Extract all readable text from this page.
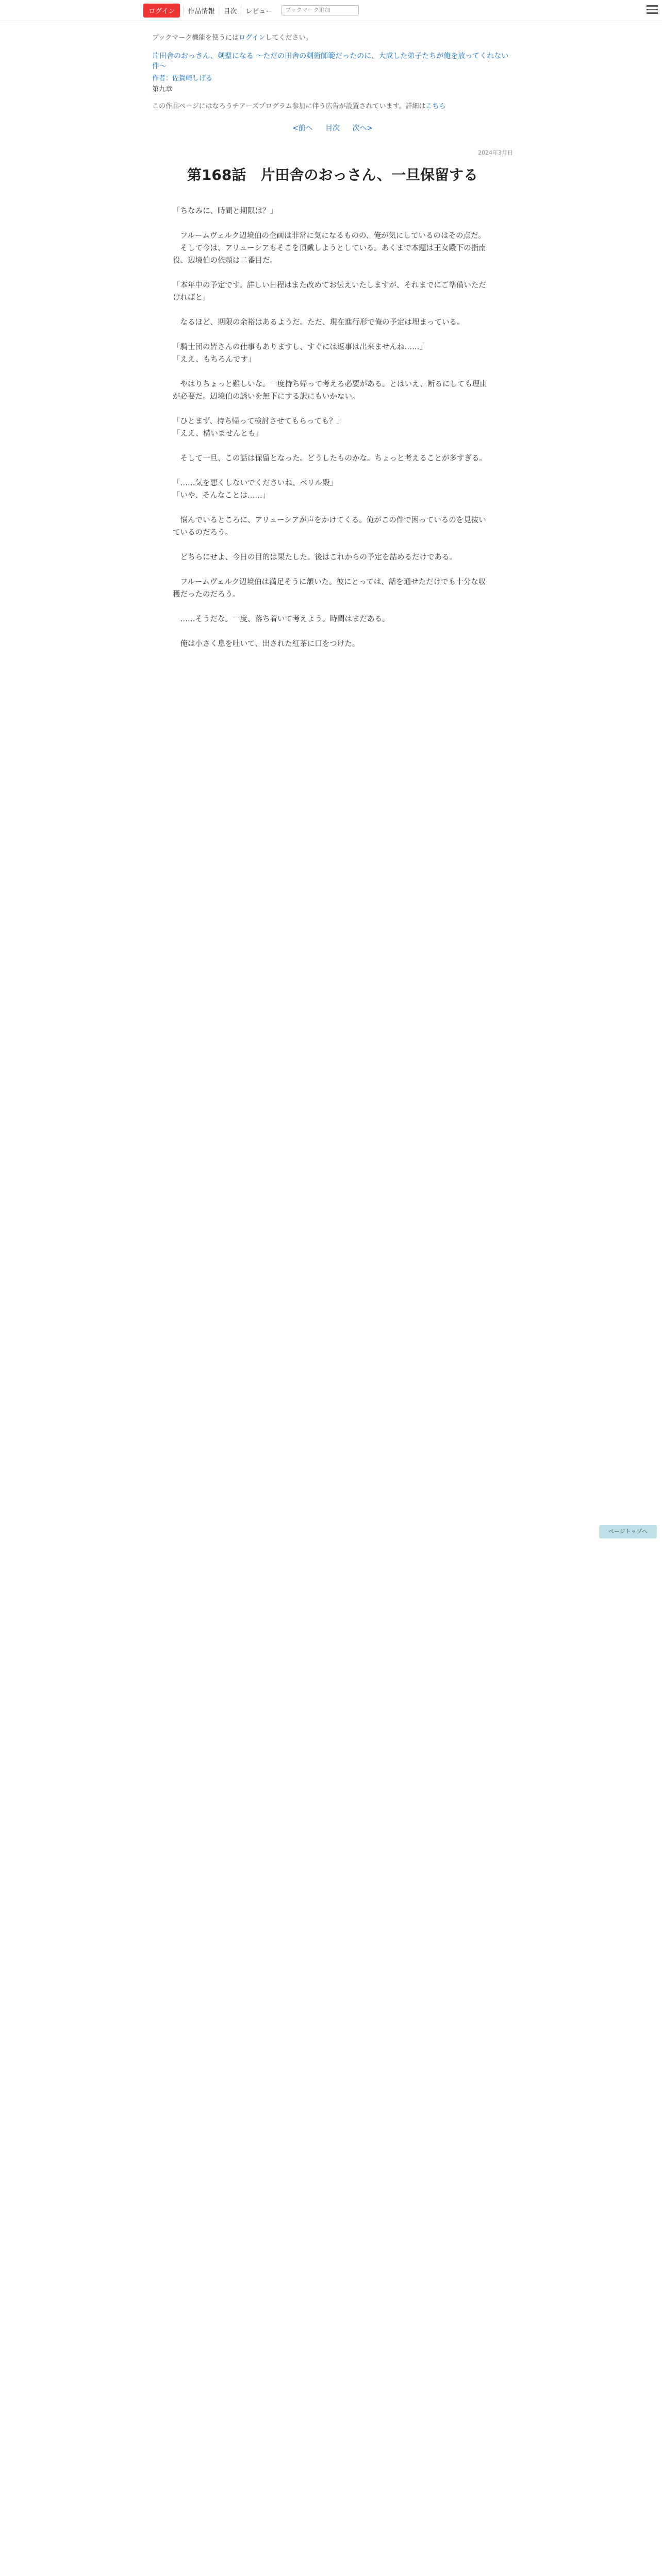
ログイン	作品情報	目次	レビュー	ブックマーク追加

ブックマーク機能を使うにはログインしてください。

片田舎のおっさん、剣聖になる ～ただの田舎の剣術師範だったのに、大成した弟子たちが俺を放ってくれない件～

作者：佐賀崎しげる

第九章

この作品ページにはなろうチアーズプログラム参加に伴う広告が設置されています。詳細はこちら

<前へ 目次 次へ>
2024年3月日
第168話　片田舎のおっさん、一旦保留する

「ちなみに、時間と期限は？」

　フルームヴェルク辺境伯の企画は非常に気になるものの、俺が気にしているのはその点だ。
　そして今は、アリューシアもそこを頂戴しようとしている。あくまで本題は王女殿下の指南役、辺境伯の依頼は二番目だ。

「本年中の予定です。詳しい日程はまた改めてお伝えいたしますが、それまでにご準備いただければと」

　なるほど、期限の余裕はあるようだ。ただ、現在進行形で俺の予定は埋まっている。

「騎士団の皆さんの仕事もありますし、すぐには返事は出来ませんね……」
「ええ、もちろんです」

　やはりちょっと難しいな。一度持ち帰って考える必要がある。とはいえ、断るにしても理由が必要だ。辺境伯の誘いを無下にする訳にもいかない。

「ひとまず、持ち帰って検討させてもらっても？」
「ええ、構いませんとも」

　そして一旦、この話は保留となった。どうしたものかな。ちょっと考えることが多すぎる。

「……気を悪くしないでくださいね、ベリル殿」
「いや、そんなことは……」

　悩んでいるところに、アリューシアが声をかけてくる。俺がこの件で困っているのを見抜いているのだろう。

　どちらにせよ、今日の目的は果たした。後はこれからの予定を詰めるだけである。

　フルームヴェルク辺境伯は満足そうに頷いた。彼にとっては、話を通せただけでも十分な収穫だったのだろう。

　……そうだな。一度、落ち着いて考えよう。時間はまだある。

　俺は小さく息を吐いて、出された紅茶に口をつけた。

ページトップへ
